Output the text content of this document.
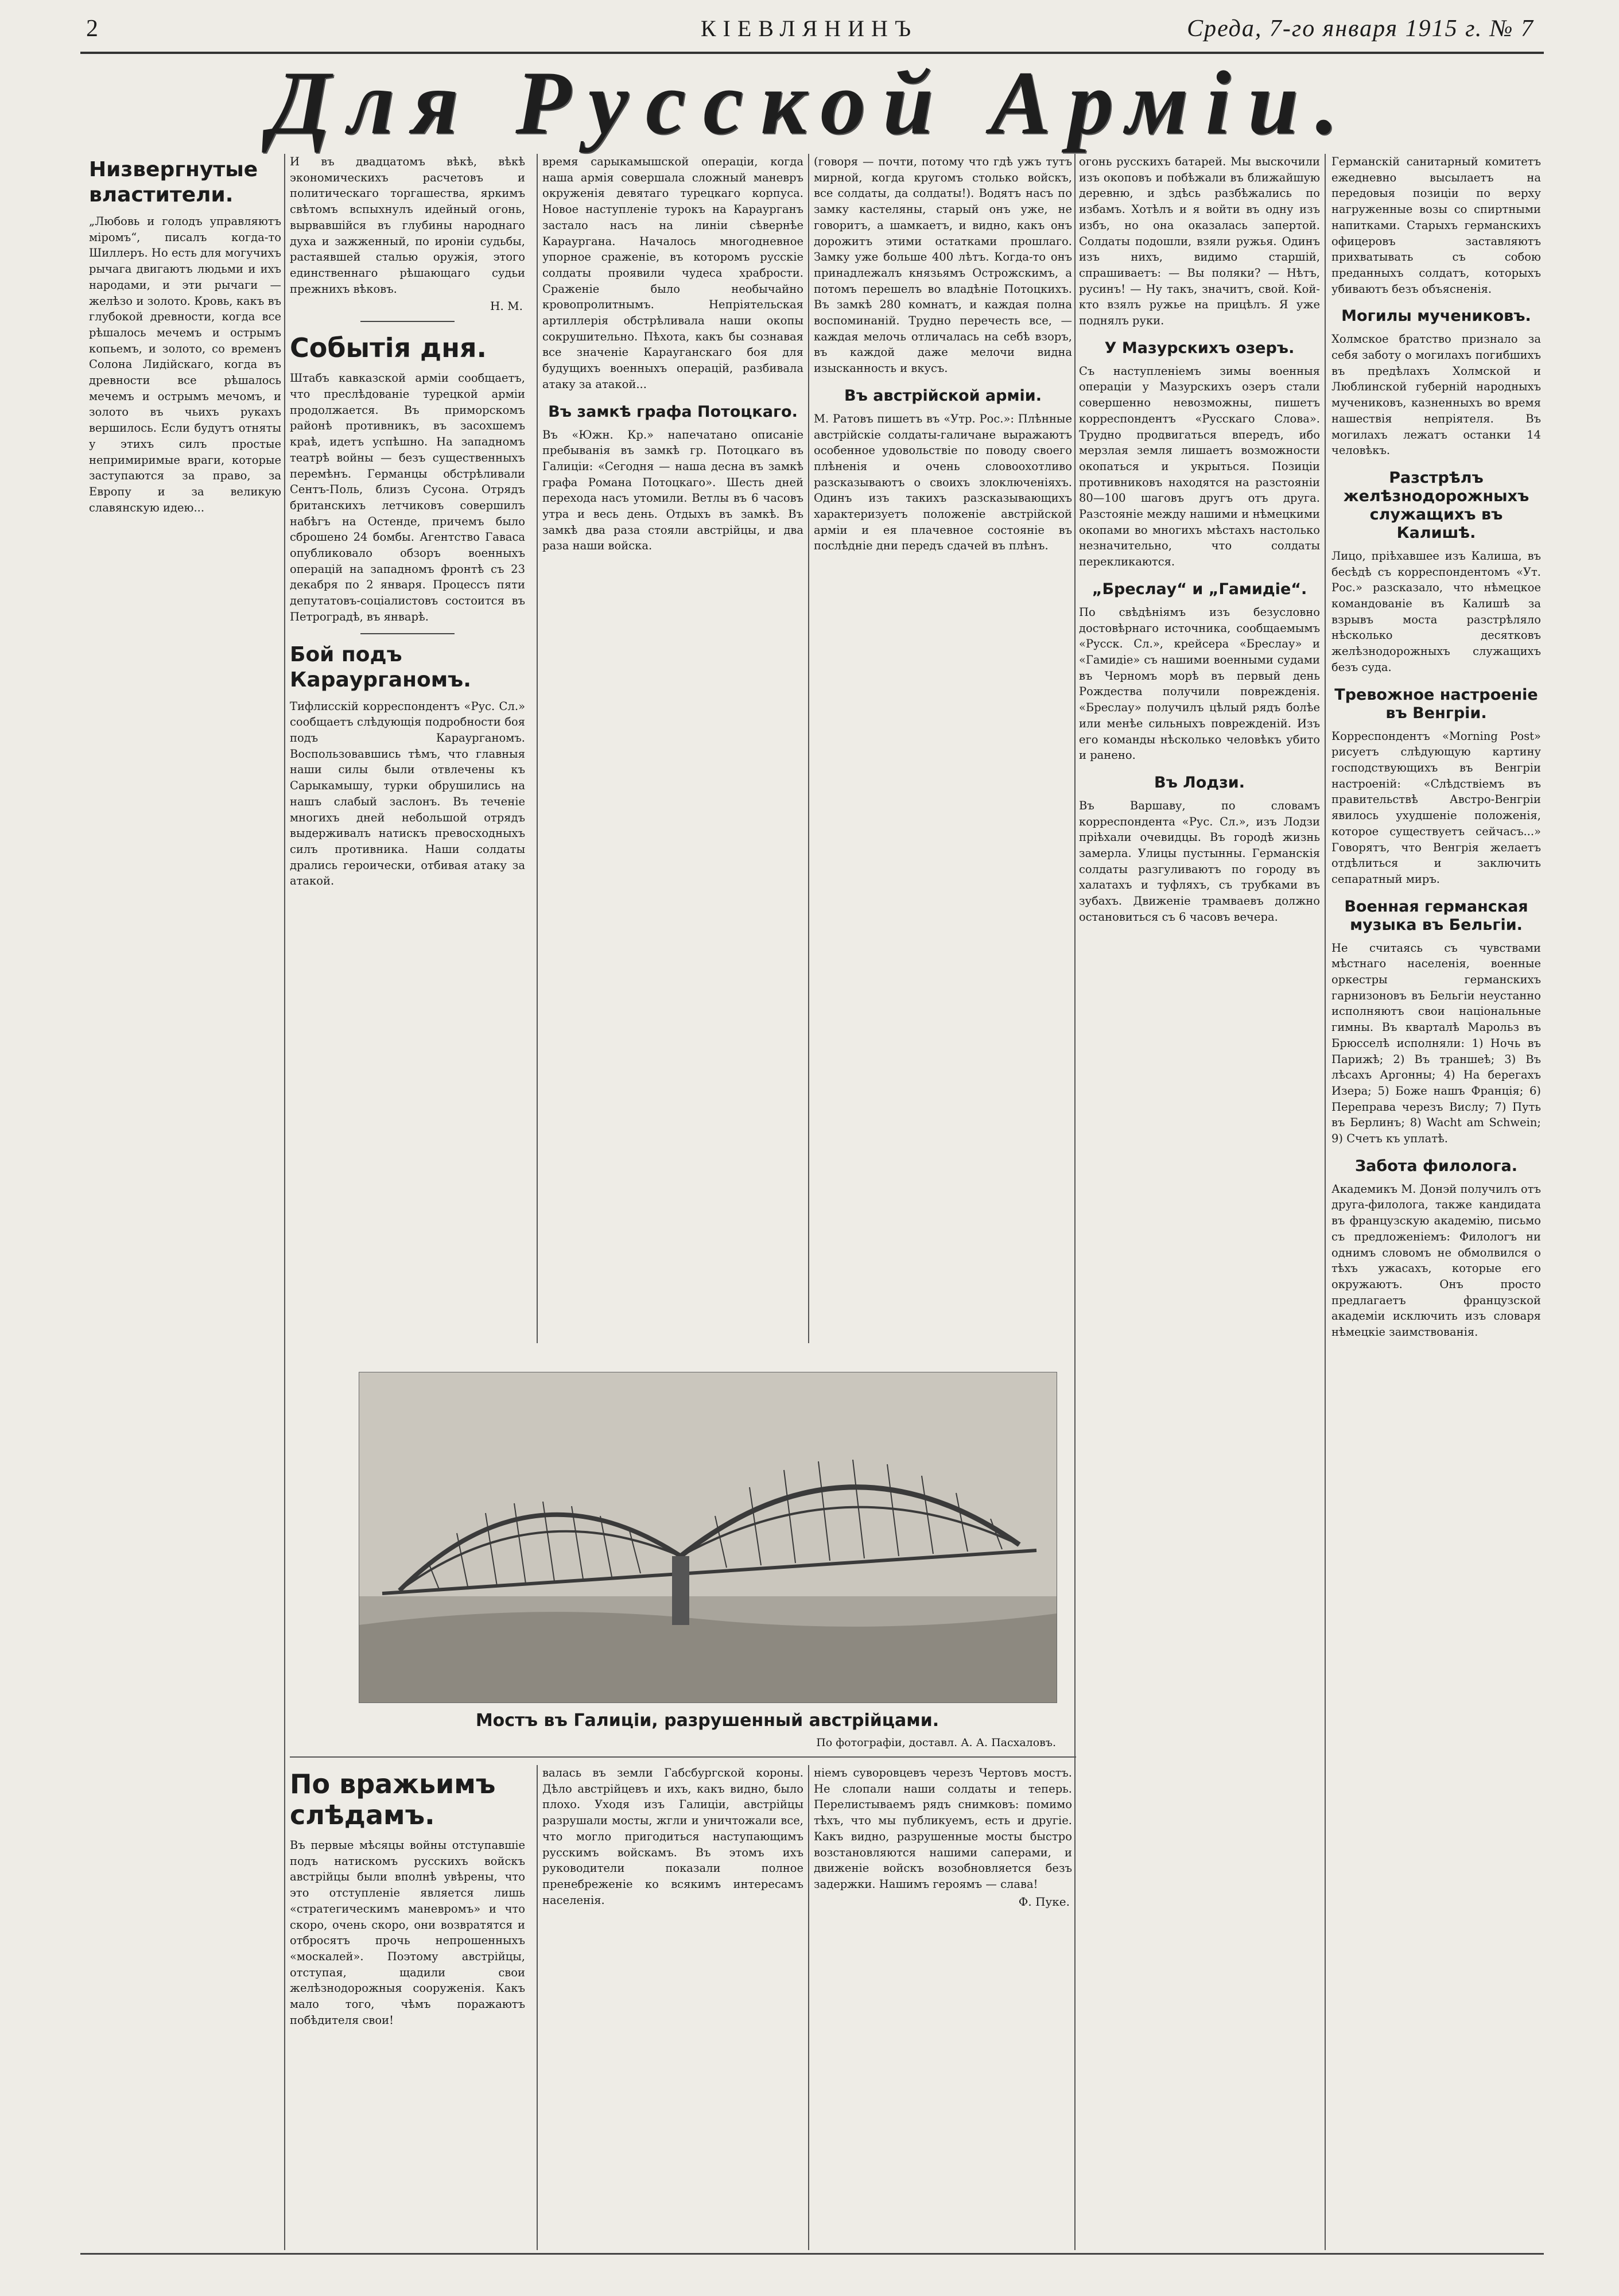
2	КІЕВЛЯНИНЪ	Среда, 7-го января 1915 г. № 7
Для Русской Арміи.
Низвергнутые властители.

„Любовь и голодъ управляютъ міромъ“, писалъ когда-то Шиллеръ. Но есть для могучихъ рычага двигаютъ людьми и ихъ народами, и эти рычаги — желѣзо и золото. Кровь, какъ въ глубокой древности, когда все рѣшалось мечемъ и острымъ копьемъ, и золото, со временъ Солона Лидійскаго, когда въ древности все рѣшалось мечемъ и острымъ мечомъ, и золото въ чьихъ рукахъ вершилось. Если будутъ отняты у этихъ силъ простые непримиримые враги, которые заступаются за право, за Европу и за великую славянскую идею...

И въ двадцатомъ вѣкѣ, вѣкѣ экономическихъ расчетовъ и политическаго торгашества, яркимъ свѣтомъ вспыхнулъ идейный огонь, вырвавшійся въ глубины народнаго духа и зажженный, по ироніи судьбы, растаявшей сталью оружія, этого единственнаго рѣшающаго судьи прежнихъ вѣковъ.

Н. М.
Событія дня.

Штабъ кавказской арміи сообщаетъ, что преслѣдованіе турецкой арміи продолжается. Въ приморскомъ районѣ противникъ, въ засохшемъ краѣ, идетъ успѣшно. На западномъ театрѣ войны — безъ существенныхъ перемѣнъ. Германцы обстрѣливали Сентъ-Поль, близъ Сусона. Отрядъ британскихъ летчиковъ совершилъ набѣгъ на Остенде, причемъ было сброшено 24 бомбы. Агентство Гаваса опубликовало обзоръ военныхъ операцій на западномъ фронтѣ съ 23 декабря по 2 января. Процессъ пяти депутатовъ-соціалистовъ состоится въ Петроградѣ, въ январѣ.

Бой подъ Караурганомъ.

Тифлисскій корреспондентъ «Рус. Сл.» сообщаетъ слѣдующія подробности боя подъ Караурганомъ. Воспользовавшись тѣмъ, что главныя наши силы были отвлечены къ Сарыкамышу, турки обрушились на нашъ слабый заслонъ. Въ теченіе многихъ дней небольшой отрядъ выдерживалъ натискъ превосходныхъ силъ противника. Наши солдаты дрались героически, отбивая атаку за атакой.

время сарыкамышской операціи, когда наша армія совершала сложный маневръ окруженія девятаго турецкаго корпуса. Новое наступленіе турокъ на Караурганъ застало насъ на линіи сѣвернѣе Караургана. Началось многодневное упорное сраженіе, въ которомъ русскіе солдаты проявили чудеса храбрости. Сраженіе было необычайно кровопролитнымъ. Непріятельская артиллерія обстрѣливала наши окопы сокрушительно. Пѣхота, какъ бы сознавая все значеніе Карауганскаго боя для будущихъ военныхъ операцій, разбивала атаку за атакой...

Въ замкѣ графа Потоцкаго.

Въ «Южн. Кр.» напечатано описаніе пребыванія въ замкѣ гр. Потоцкаго въ Галиціи: «Сегодня — наша десна въ замкѣ графа Романа Потоцкаго». Шесть дней перехода насъ утомили. Ветлы въ 6 часовъ утра и весь день. Отдыхъ въ замкѣ. Въ замкѣ два раза стояли австрійцы, и два раза наши войска.

(говоря — почти, потому что гдѣ ужъ тутъ мирной, когда кругомъ столько войскъ, все солдаты, да солдаты!). Водятъ насъ по замку кастеляны, старый онъ уже, не говоритъ, а шамкаетъ, и видно, какъ онъ дорожитъ этими остатками прошлаго. Замку уже больше 400 лѣтъ. Когда-то онъ принадлежалъ князьямъ Острожскимъ, а потомъ перешелъ во владѣніе Потоцкихъ. Въ замкѣ 280 комнатъ, и каждая полна воспоминаній. Трудно перечесть все, — каждая мелочь отличалась на себѣ взоръ, въ каждой даже мелочи видна изысканность и вкусъ.

Въ австрійской арміи.

М. Ратовъ пишетъ въ «Утр. Рос.»: Плѣнные австрійскіе солдаты-галичане выражаютъ особенное удовольствіе по поводу своего плѣненія и очень словоохотливо разсказываютъ о своихъ злоключеніяхъ. Одинъ изъ такихъ разсказывающихъ характеризуетъ положеніе австрійской арміи и ея плачевное состояніе въ послѣдніе дни передъ сдачей въ плѣнъ.

огонь русскихъ батарей. Мы выскочили изъ окоповъ и побѣжали въ ближайшую деревню, и здѣсь разбѣжались по избамъ. Хотѣлъ и я войти въ одну изъ избъ, но она оказалась запертой. Солдаты подошли, взяли ружья. Одинъ изъ нихъ, видимо старшій, спрашиваетъ: — Вы поляки? — Нѣтъ, русинъ! — Ну такъ, значитъ, свой. Кой-кто взялъ ружье на прицѣлъ. Я уже поднялъ руки.

У Мазурскихъ озеръ.

Съ наступленіемъ зимы военныя операціи у Мазурскихъ озеръ стали совершенно невозможны, пишетъ корреспондентъ «Русскаго Слова». Трудно продвигаться впередъ, ибо мерзлая земля лишаетъ возможности окопаться и укрыться. Позиціи противниковъ находятся на разстояніи 80—100 шаговъ другъ отъ друга. Разстояніе между нашими и нѣмецкими окопами во многихъ мѣстахъ настолько незначительно, что солдаты перекликаются.

„Бреслау“ и „Гамидіе“.

По свѣдѣніямъ изъ безусловно достовѣрнаго источника, сообщаемымъ «Русск. Сл.», крейсера «Бреслау» и «Гамидіе» съ нашими военными судами въ Черномъ морѣ въ первый день Рождества получили поврежденія. «Бреслау» получилъ цѣлый рядъ болѣе или менѣе сильныхъ поврежденій. Изъ его команды нѣсколько человѣкъ убито и ранено.

Въ Лодзи.

Въ Варшаву, по словамъ корреспондента «Рус. Сл.», изъ Лодзи пріѣхали очевидцы. Въ городѣ жизнь замерла. Улицы пустынны. Германскія солдаты разгуливаютъ по городу въ халатахъ и туфляхъ, съ трубками въ зубахъ. Движеніе трамваевъ должно остановиться съ 6 часовъ вечера.

Германскій санитарный комитетъ ежедневно высылаетъ на передовыя позиціи по верху нагруженные возы со спиртными напитками. Старыхъ германскихъ офицеровъ заставляютъ прихватывать съ собою преданныхъ солдатъ, которыхъ убиваютъ безъ объясненія.

Могилы мучениковъ.

Холмское братство признало за себя заботу о могилахъ погибшихъ въ предѣлахъ Холмской и Люблинской губерній народныхъ мучениковъ, казненныхъ во время нашествія непріятеля. Въ могилахъ лежатъ останки 14 человѣкъ.

Разстрѣлъ желѣзнодорожныхъ служащихъ въ Калишѣ.

Лицо, пріѣхавшее изъ Калиша, въ бесѣдѣ съ корреспондентомъ «Ут. Рос.» разсказало, что нѣмецкое командованіе въ Калишѣ за взрывъ моста разстрѣляло нѣсколько десятковъ желѣзнодорожныхъ служащихъ безъ суда.

Тревожное настроеніе въ Венгріи.

Корреспондентъ «Morning Post» рисуетъ слѣдующую картину господствующихъ въ Венгріи настроеній: «Слѣдствіемъ въ правительствѣ Австро-Венгріи явилось ухудшеніе положенія, которое существуетъ сейчасъ...» Говорятъ, что Венгрія желаетъ отдѣлиться и заключить сепаратный миръ.

Военная германская музыка въ Бельгіи.

Не считаясь съ чувствами мѣстнаго населенія, военные оркестры германскихъ гарнизоновъ въ Бельгіи неустанно исполняютъ свои національные гимны. Въ кварталѣ Марольз въ Брюсселѣ исполняли: 1) Ночь въ Парижѣ; 2) Въ траншеѣ; 3) Въ лѣсахъ Аргонны; 4) На берегахъ Изера; 5) Боже нашъ Франція; 6) Переправа черезъ Вислу; 7) Путь въ Берлинъ; 8) Wacht am Schwein; 9) Счетъ къ уплатѣ.

Забота филолога.

Академикъ М. Донэй получилъ отъ друга-филолога, также кандидата въ французскую академію, письмо съ предложеніемъ: Филологъ ни однимъ словомъ не обмолвился о тѣхъ ужасахъ, которые его окружаютъ. Онъ просто предлагаетъ французской академіи исключить изъ словаря нѣмецкіе заимствованія.

Мостъ въ Галиціи, разрушенный австрійцами.
По фотографіи, доставл. А. А. Пасхаловъ.
По вражьимъ слѣдамъ.

Въ первые мѣсяцы войны отступавшіе подъ натискомъ русскихъ войскъ австрійцы были вполнѣ увѣрены, что это отступленіе является лишь «стратегическимъ маневромъ» и что скоро, очень скоро, они возвратятся и отбросятъ прочь непрошенныхъ «москалей». Поэтому австрійцы, отступая, щадили свои желѣзнодорожныя сооруженія. Какъ мало того, чѣмъ поражаютъ побѣдителя свои!

валась въ земли Габсбургской короны. Дѣло австрійцевъ и ихъ, какъ видно, было плохо. Уходя изъ Галиціи, австрійцы разрушали мосты, жгли и уничтожали все, что могло пригодиться наступающимъ русскимъ войскамъ. Въ этомъ ихъ руководители показали полное пренебреженіе ко всякимъ интересамъ населенія.

ніемъ суворовцевъ черезъ Чертовъ мостъ. Не слопали наши солдаты и теперь. Перелистываемъ рядъ снимковъ: помимо тѣхъ, что мы публикуемъ, есть и другіе. Какъ видно, разрушенные мосты быстро возстановляются нашими саперами, и движеніе войскъ возобновляется безъ задержки. Нашимъ героямъ — слава!

Ф. Пуке.
